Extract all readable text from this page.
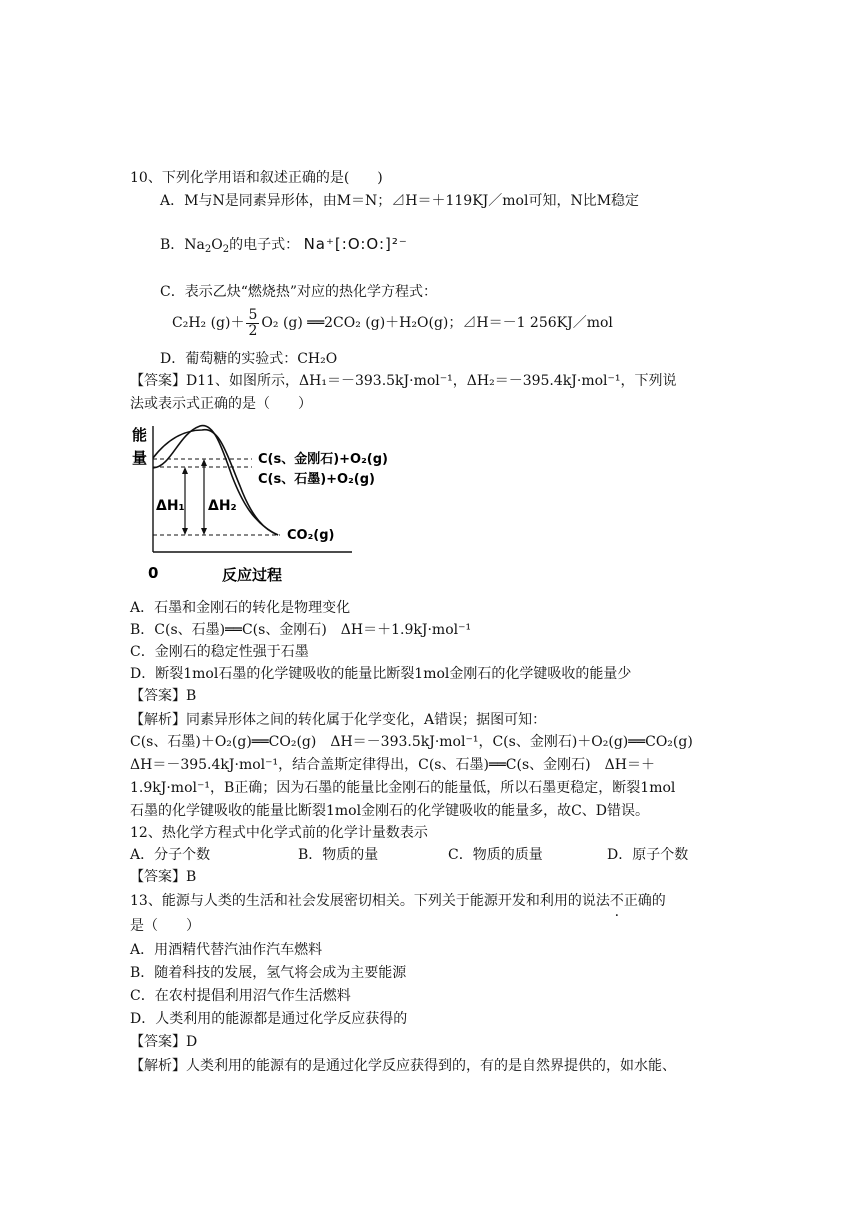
10、下列化学用语和叙述正确的是(　　)
A．M与N是同素异形体，由M＝N；⊿H＝＋119KJ／mol可知，N比M稳定
B．$Na_2O_2$的电子式： Na⁺[:O:O:]²⁻
C．表示乙炔“燃烧热”对应的热化学方程式：
C₂H₂ $(g)+ \frac{5}{2} O_2$ (g) ══2CO₂ (g)＋H₂O(g)；⊿H＝－1 256KJ／mol
D．葡萄糖的实验式：CH₂O
【答案】D11、如图所示，ΔH₁＝－393.5kJ·mol⁻¹，ΔH₂＝－395.4kJ·mol⁻¹，下列说
法或表示式正确的是（　　）
能
量
0	反应过程
ΔH₁ ΔH₂
C(s、金刚石)+O₂(g)
C(s、石墨)+O₂(g)
CO₂(g)
A．石墨和金刚石的转化是物理变化
B．C(s、石墨)══C(s、金刚石)　ΔH＝＋1.9kJ·mol⁻¹
C．金刚石的稳定性强于石墨
D．断裂1mol石墨的化学键吸收的能量比断裂1mol金刚石的化学键吸收的能量少
【答案】B
【解析】同素异形体之间的转化属于化学变化，A错误；据图可知：
C(s、石墨)＋O₂(g)══CO₂(g)　ΔH＝－393.5kJ·mol⁻¹，C(s、金刚石)＋O₂(g)══CO₂(g)
ΔH＝－395.4kJ·mol⁻¹，结合盖斯定律得出，C(s、石墨)══C(s、金刚石)　ΔH＝＋
1.9kJ·mol⁻¹，B正确；因为石墨的能量比金刚石的能量低，所以石墨更稳定，断裂1mol
石墨的化学键吸收的能量比断裂1mol金刚石的化学键吸收的能量多，故C、D错误。
12、热化学方程式中化学式前的化学计量数表示
A．分子个数	B．物质的量	C．物质的质量	D．原子个数
【答案】B
13、能源与人类的生活和社会发展密切相关。下列关于能源开发和利用的说法不正确的
是（　　）
A．用酒精代替汽油作汽车燃料
B．随着科技的发展，氢气将会成为主要能源
C．在农村提倡利用沼气作生活燃料
D．人类利用的能源都是通过化学反应获得的
【答案】D
【解析】人类利用的能源有的是通过化学反应获得到的，有的是自然界提供的，如水能、
